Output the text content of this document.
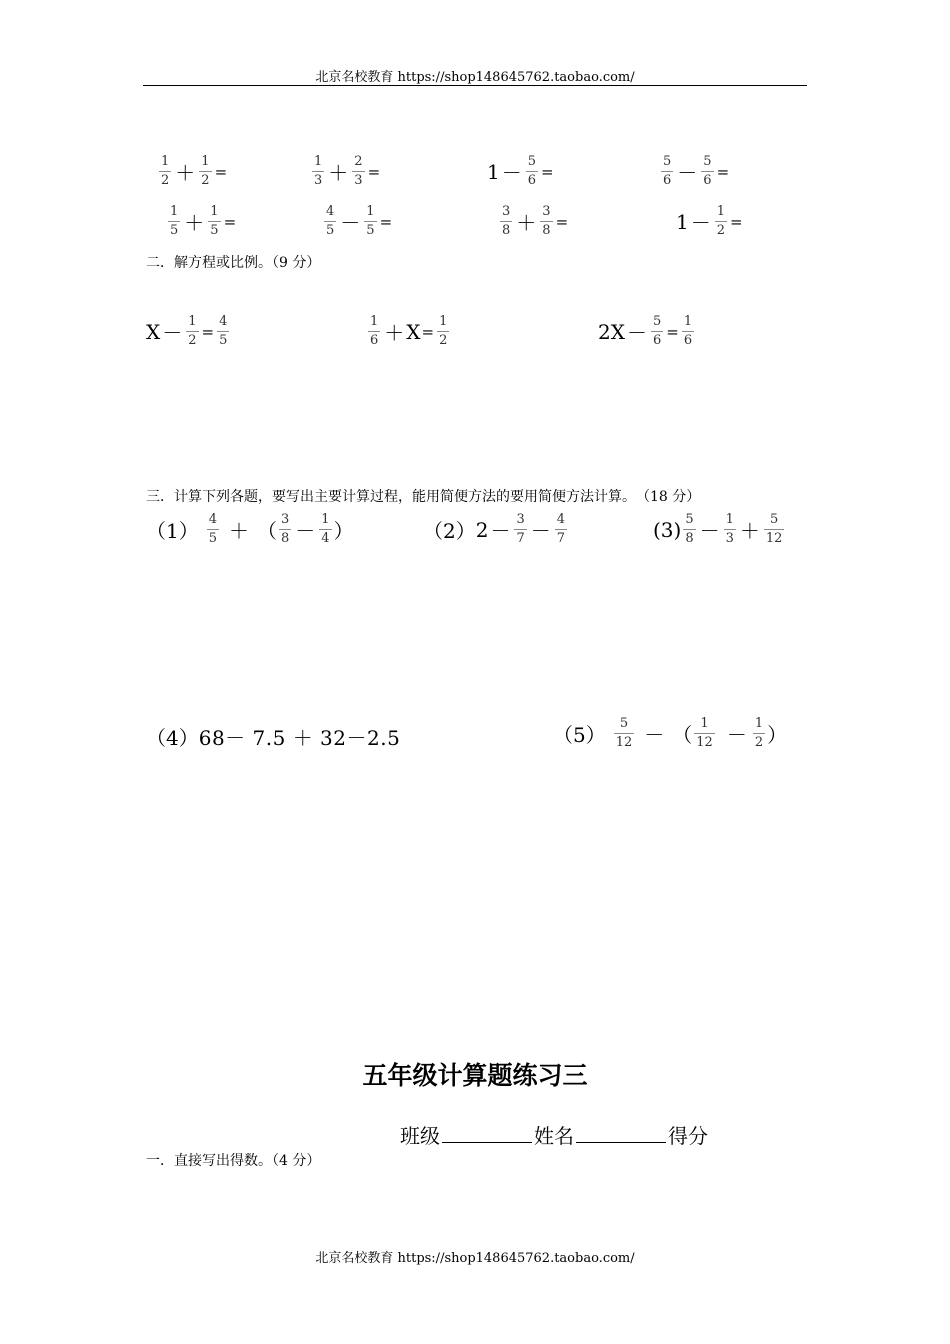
北京名校教育 https://shop148645762.taobao.com/
$\frac{1}{2} + \frac{1}{2}$ =	$\frac{1}{3} + \frac{2}{3}$ =	$1 - \frac{5}{6}$ =	$\frac{5}{6} - \frac{5}{6}$ =
$\frac{1}{5} + \frac{1}{5}$ =	$\frac{4}{5} - \frac{1}{5}$ =	$\frac{3}{8} + \frac{3}{8}$ =	$1 - \frac{1}{2}$ =
二．解方程或比例。（9 分）
$X - \frac{1}{2} = \frac{4}{5}$	$\frac{1}{6} + X = \frac{1}{2}$	2 $X - \frac{5}{6} = \frac{1}{6}$
三．计算下列各题，要写出主要计算过程，能用简便方法的要用简便方法计算。　（18 分）
$(1) \frac{4}{5}$ ＋ （ $\frac{3}{8} - \frac{1}{4}$ ）	（2） $2 - \frac{3}{7} - \frac{4}{7}$	$(3) \frac{5}{8} - \frac{1}{3} + \frac{5}{12}$
（4） 68－ 7.5 ＋ 32－2.5	$(5) \frac{5}{12}$ － （ $\frac{1}{12} - \frac{1}{2}$ ）
五年级计算题练习三
班级	姓名	得分
一．直接写出得数。（4 分）
北京名校教育 https://shop148645762.taobao.com/
